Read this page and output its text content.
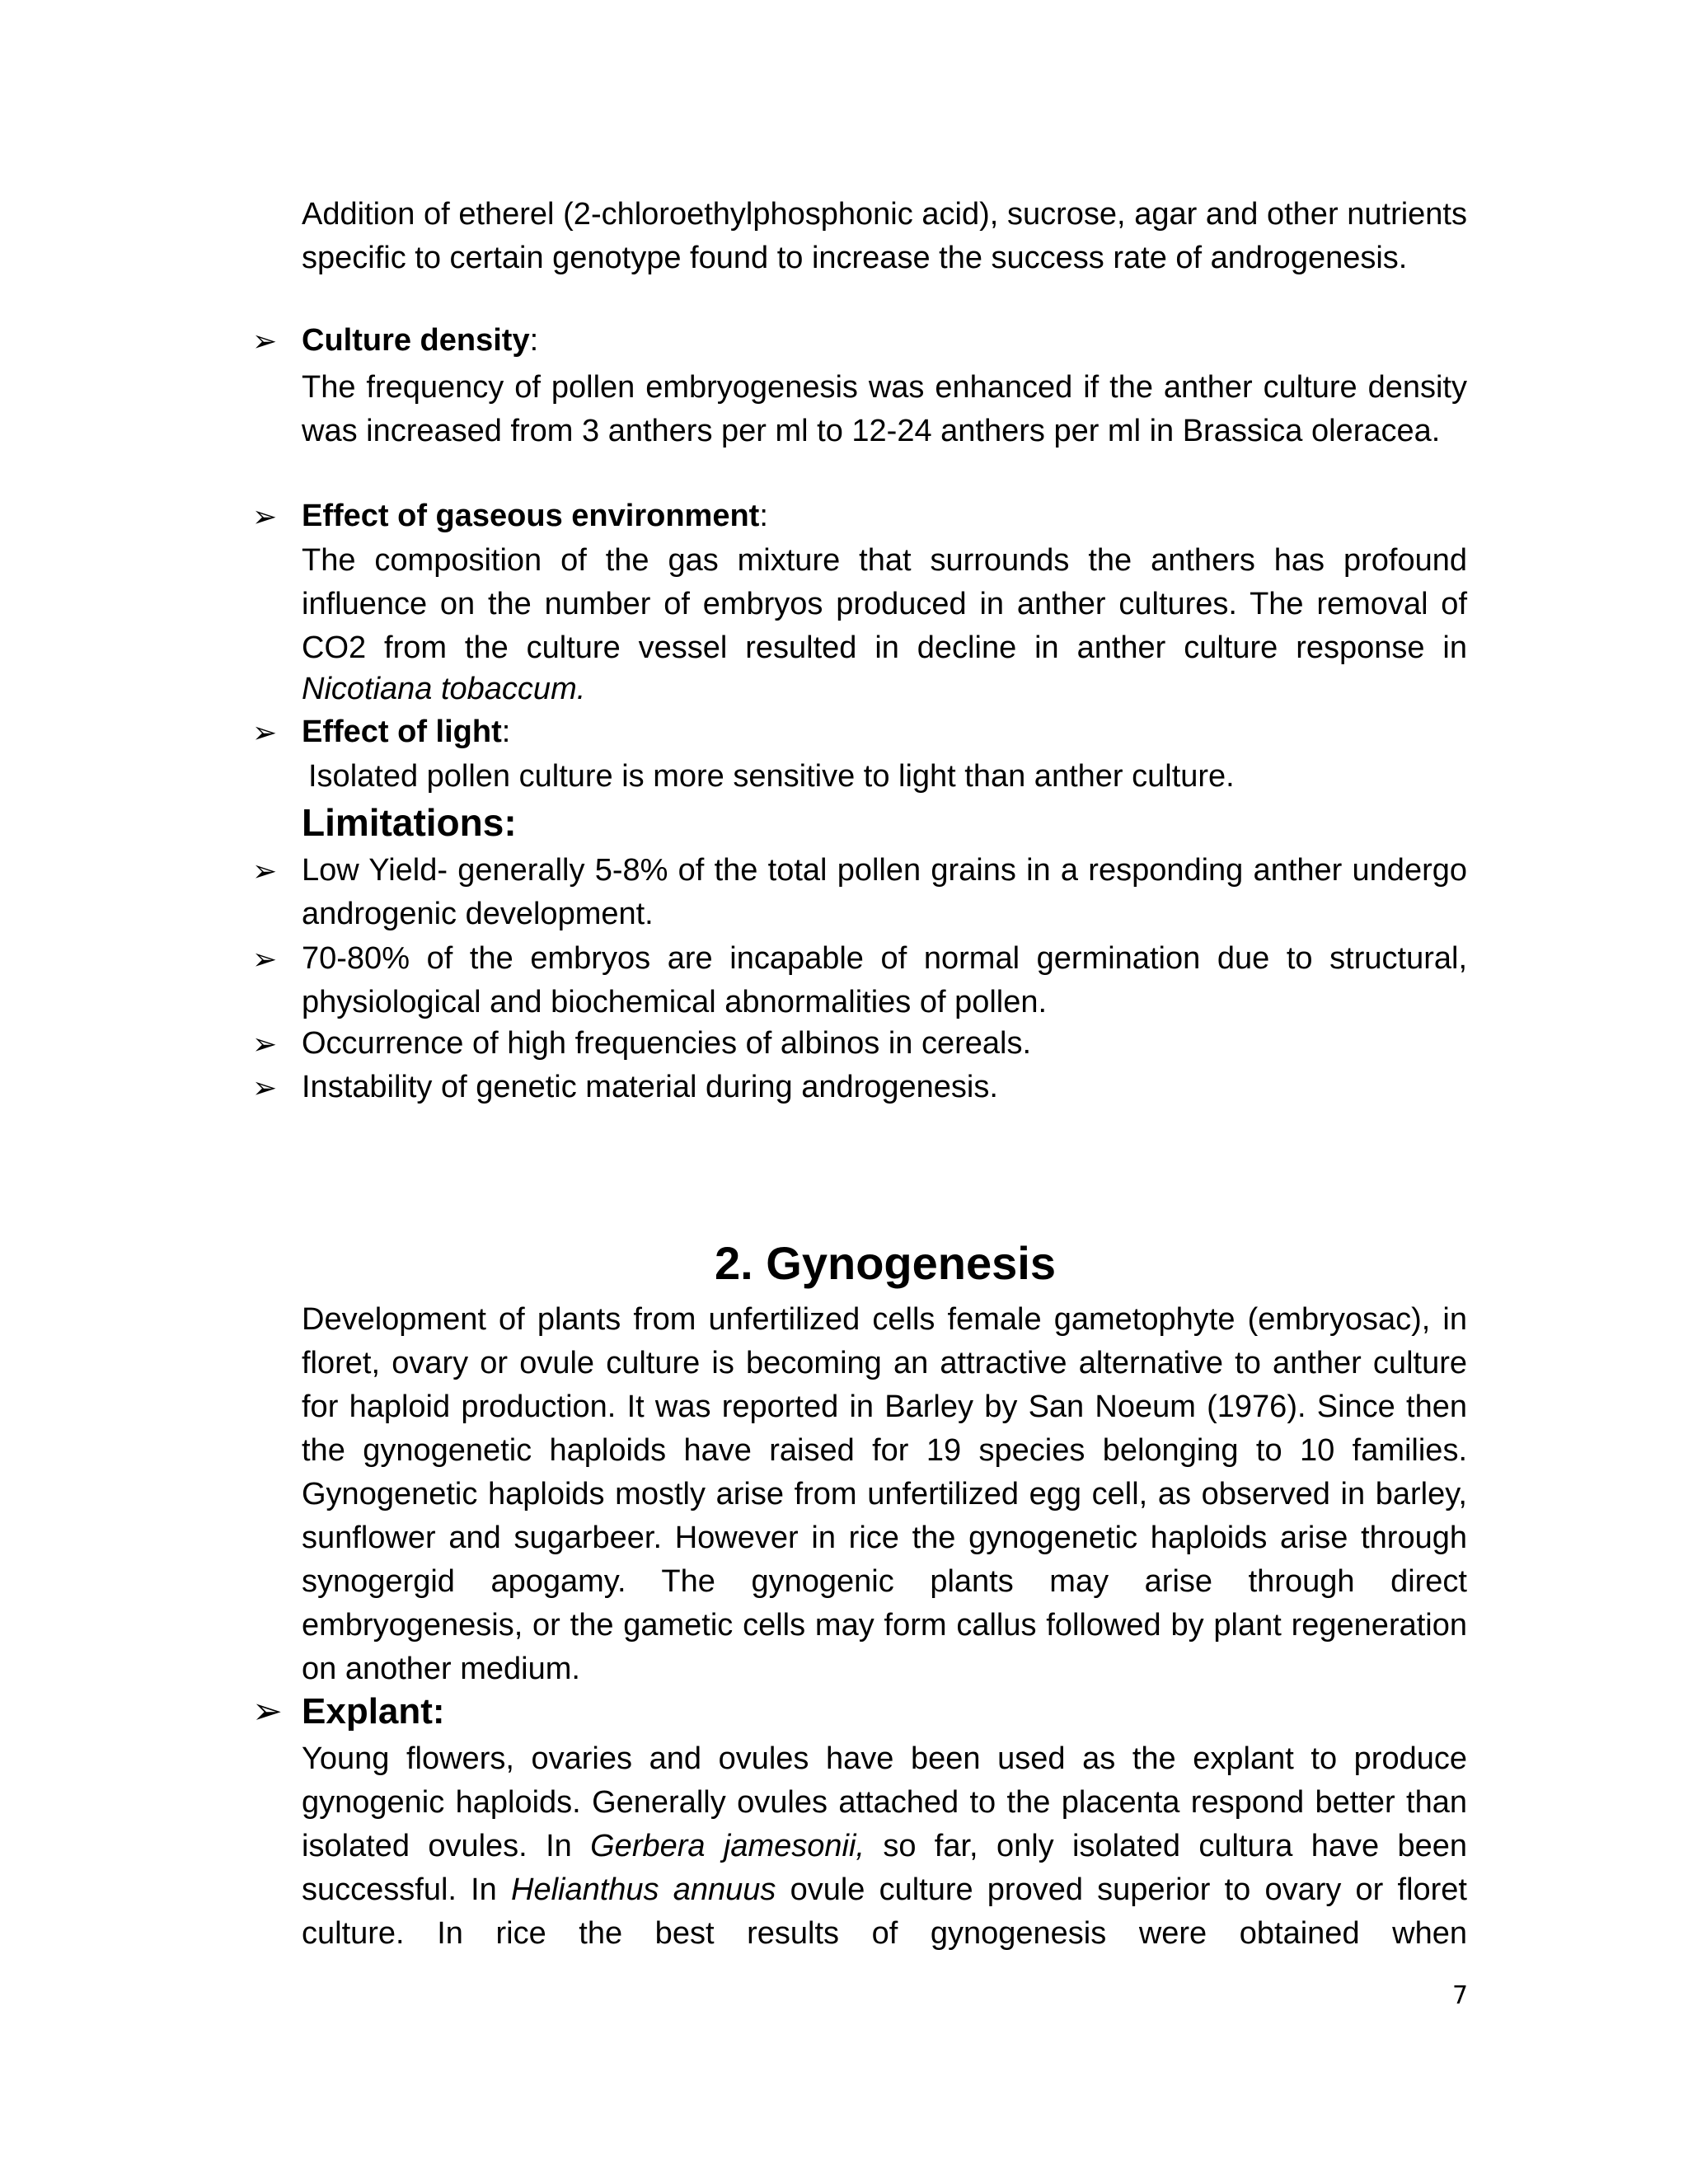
Addition of etherel (2-chloroethylphosphonic acid), sucrose, agar and other nutrients specific to certain genotype found to increase the success rate of androgenesis.
➢ Culture density:
The frequency of pollen embryogenesis was enhanced if the anther culture density was increased from 3 anthers per ml to 12-24 anthers per ml in Brassica oleracea.
➢ Effect of gaseous environment:
The composition of the gas mixture that surrounds the anthers has profound influence on the number of embryos produced in anther cultures. The removal of CO2 from the culture vessel resulted in decline in anther culture response in
Nicotiana tobaccum.
➢ Effect of light:
Isolated pollen culture is more sensitive to light than anther culture.
Limitations:
➢ Low Yield- generally 5-8% of the total pollen grains in a responding anther undergo androgenic development.
➢ 70-80% of the embryos are incapable of normal germination due to structural, physiological and biochemical abnormalities of pollen.
➢ Occurrence of high frequencies of albinos in cereals.
➢ Instability of genetic material during androgenesis.
2. Gynogenesis
Development of plants from unfertilized cells female gametophyte (embryosac), in floret, ovary or ovule culture is becoming an attractive alternative to anther culture for haploid production. It was reported in Barley by San Noeum (1976). Since then the gynogenetic haploids have raised for 19 species belonging to 10 families. Gynogenetic haploids mostly arise from unfertilized egg cell, as observed in barley, sunflower and sugarbeer. However in rice the gynogenetic haploids arise through synogergid apogamy. The gynogenic plants may arise through direct embryogenesis, or the gametic cells may form callus followed by plant regeneration on another medium.
➢ Explant:
Young flowers, ovaries and ovules have been used as the explant to produce gynogenic haploids. Generally ovules attached to the placenta respond better than isolated ovules. In Gerbera jamesonii, so far, only isolated cultura have been successful. In Helianthus annuus ovule culture proved superior to ovary or floret culture. In rice the best results of gynogenesis were obtained when
7
